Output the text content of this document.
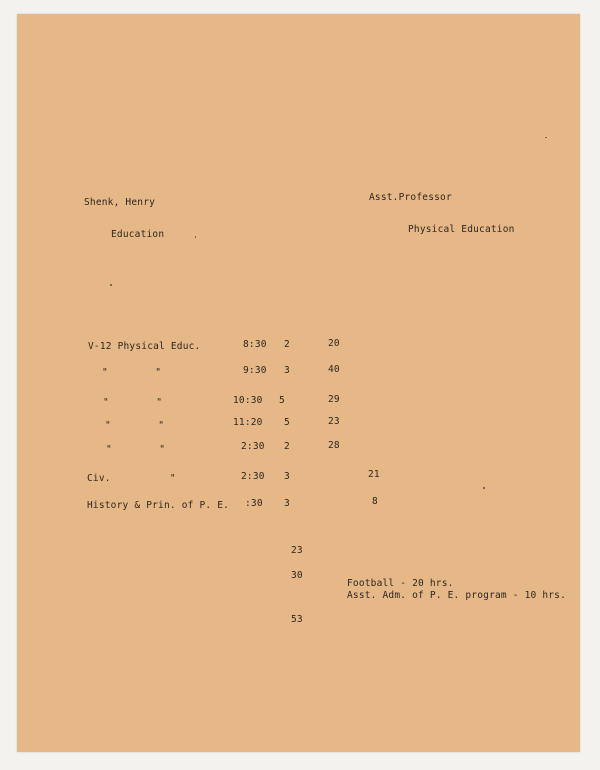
Shenk, Henry	Asst.Professor
Education	Physical Education
V-12 Physical Educ.	8:30 2	20
"        "	9:30 3	40
"        "	10:30 5	29
"        "	11:20 5	23
"        "	2:30 2	28
Civ.          "	2:30 3	21
History & Prin. of P. E. :30 3	8
23
30
53
Football - 20 hrs.
Asst. Adm. of P. E. program - 10 hrs.
